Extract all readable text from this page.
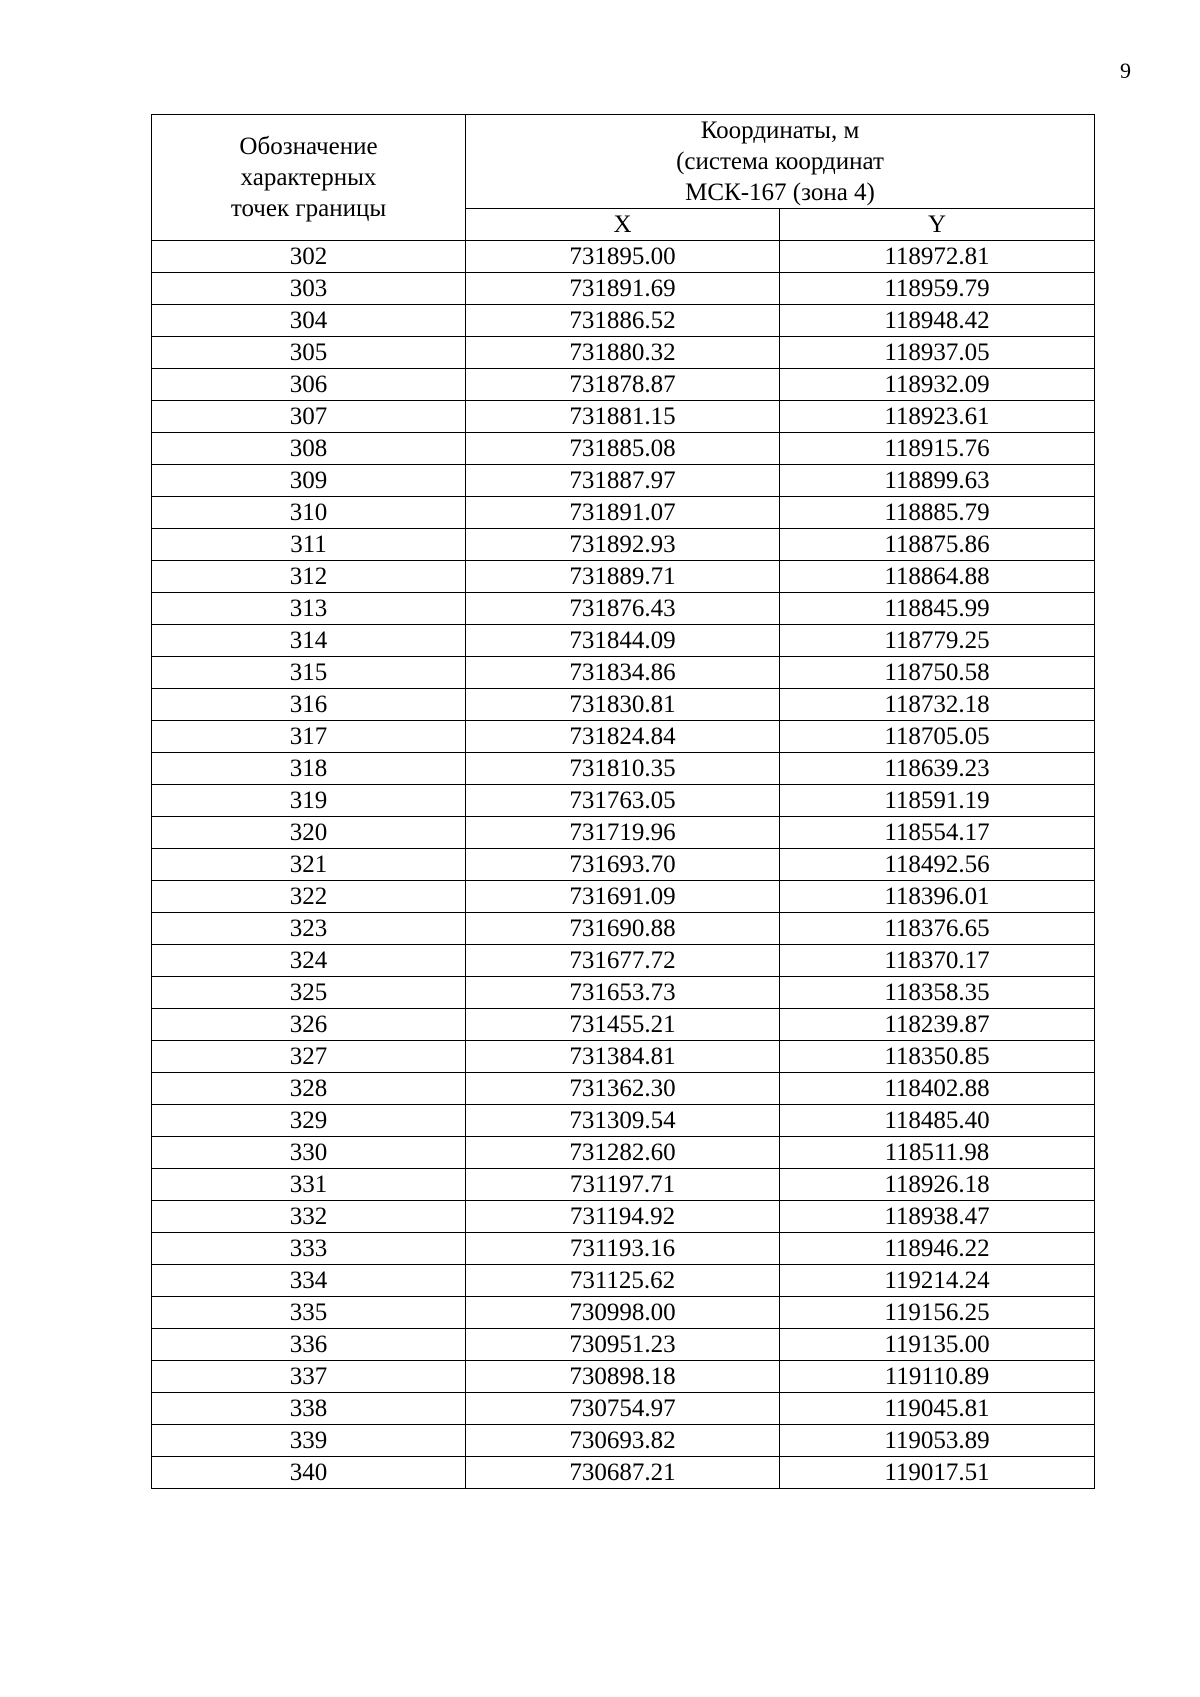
9
Обозначение
характерных
точек границы	Координаты, м
(система координат
МСК-167 (зона 4)	

	X	Y
302	731895.00	118972.81
303	731891.69	118959.79
304	731886.52	118948.42
305	731880.32	118937.05
306	731878.87	118932.09
307	731881.15	118923.61
308	731885.08	118915.76
309	731887.97	118899.63
310	731891.07	118885.79
311	731892.93	118875.86
312	731889.71	118864.88
313	731876.43	118845.99
314	731844.09	118779.25
315	731834.86	118750.58
316	731830.81	118732.18
317	731824.84	118705.05
318	731810.35	118639.23
319	731763.05	118591.19
320	731719.96	118554.17
321	731693.70	118492.56
322	731691.09	118396.01
323	731690.88	118376.65
324	731677.72	118370.17
325	731653.73	118358.35
326	731455.21	118239.87
327	731384.81	118350.85
328	731362.30	118402.88
329	731309.54	118485.40
330	731282.60	118511.98
331	731197.71	118926.18
332	731194.92	118938.47
333	731193.16	118946.22
334	731125.62	119214.24
335	730998.00	119156.25
336	730951.23	119135.00
337	730898.18	119110.89
338	730754.97	119045.81
339	730693.82	119053.89
340	730687.21	119017.51
